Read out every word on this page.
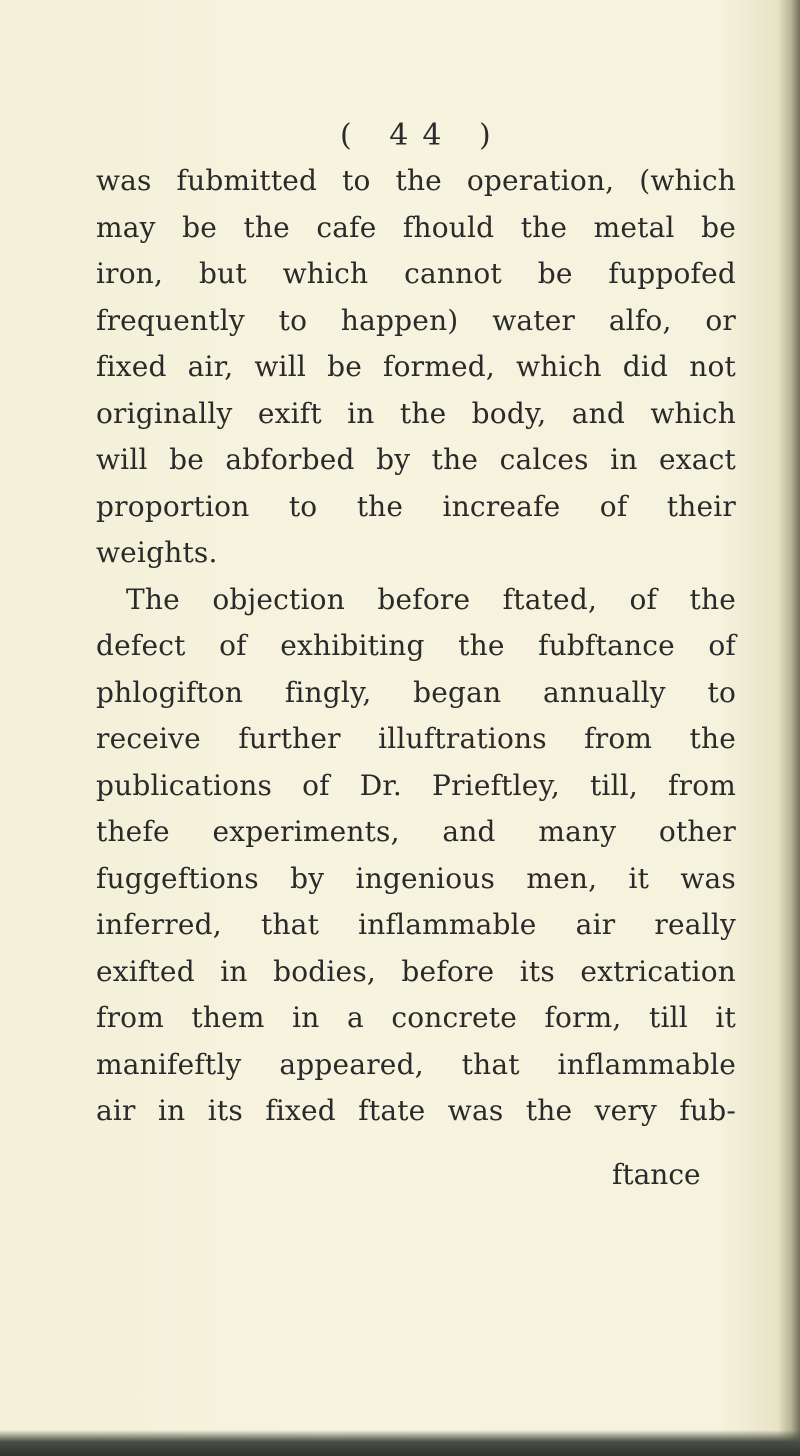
( 44 )
was fubmitted to the operation, (which
may be the cafe fhould the metal be
iron, but which cannot be fuppofed
frequently to happen) water alfo, or
fixed air, will be formed, which did not
originally exift in the body, and which
will be abforbed by the calces in exact
proportion to the increafe of their
weights.
The objection before ftated, of the
defect of exhibiting the fubftance of
phlogifton fingly, began annually to
receive further illuftrations from the
publications of Dr. Prieftley, till, from
thefe experiments, and many other
fuggeftions by ingenious men, it was
inferred, that inflammable air really
exifted in bodies, before its extrication
from them in a concrete form, till it
manifeftly appeared, that inflammable
air in its fixed ftate was the very fub-
ftance
